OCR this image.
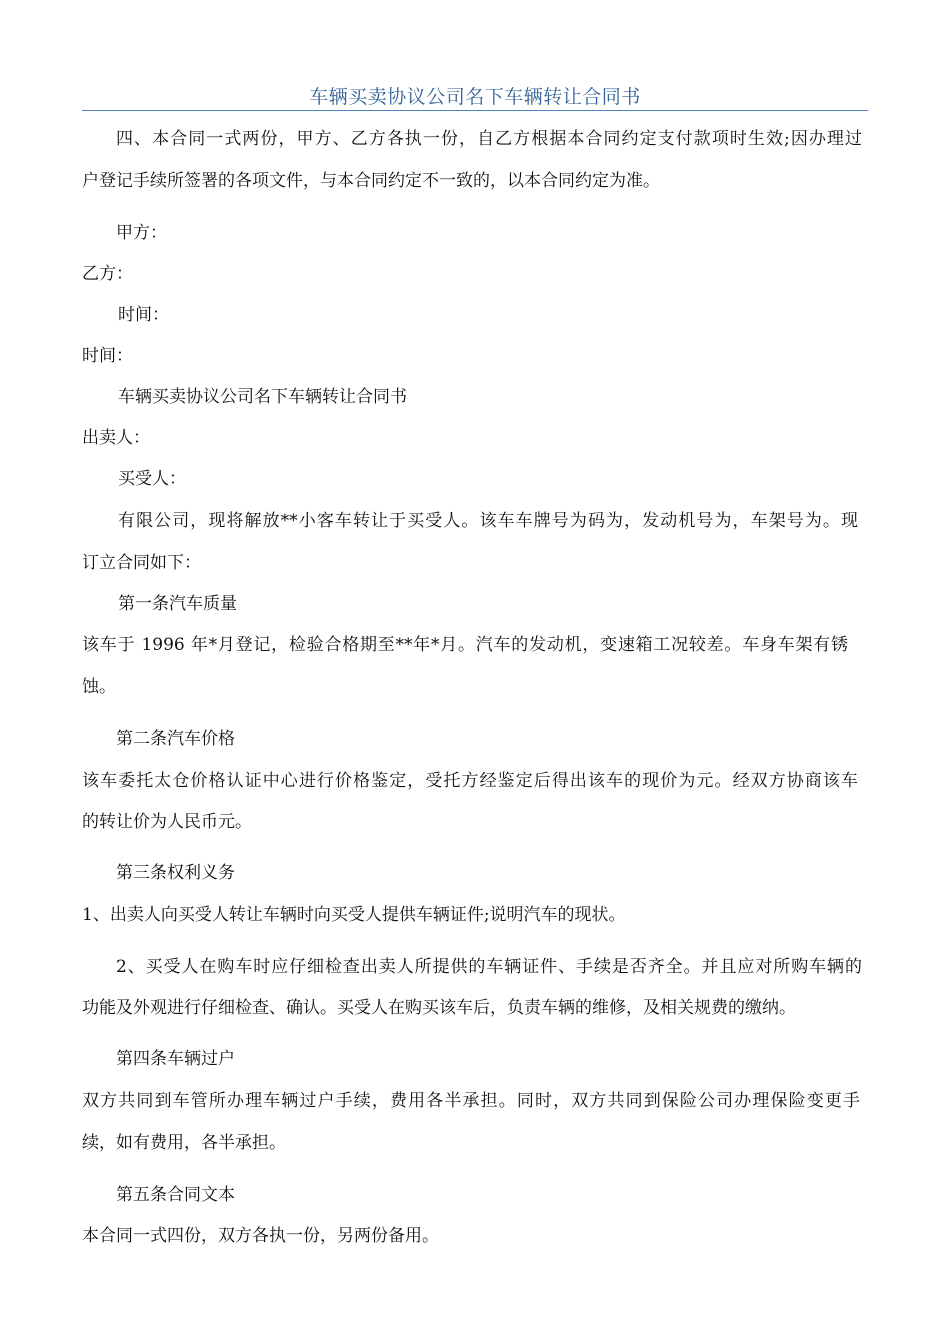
车辆买卖协议公司名下车辆转让合同书
四、本合同一式两份，甲方、乙方各执一份，自乙方根据本合同约定支付款项时生效;因办理过
户登记手续所签署的各项文件，与本合同约定不一致的，以本合同约定为准。
甲方：
乙方：
时间：
时间：
车辆买卖协议公司名下车辆转让合同书
出卖人：
买受人：
有限公司，现将解放**小客车转让于买受人。该车车牌号为码为，发动机号为，车架号为。现
订立合同如下：
第一条汽车质量
该车于 1996 年*月登记，检验合格期至**年*月。汽车的发动机，变速箱工况较差。车身车架有锈
蚀。
第二条汽车价格
该车委托太仓价格认证中心进行价格鉴定，受托方经鉴定后得出该车的现价为元。经双方协商该车
的转让价为人民币元。
第三条权利义务
1、出卖人向买受人转让车辆时向买受人提供车辆证件;说明汽车的现状。
2、买受人在购车时应仔细检查出卖人所提供的车辆证件、手续是否齐全。并且应对所购车辆的
功能及外观进行仔细检查、确认。买受人在购买该车后，负责车辆的维修，及相关规费的缴纳。
第四条车辆过户
双方共同到车管所办理车辆过户手续，费用各半承担。同时，双方共同到保险公司办理保险变更手
续，如有费用，各半承担。
第五条合同文本
本合同一式四份，双方各执一份，另两份备用。
